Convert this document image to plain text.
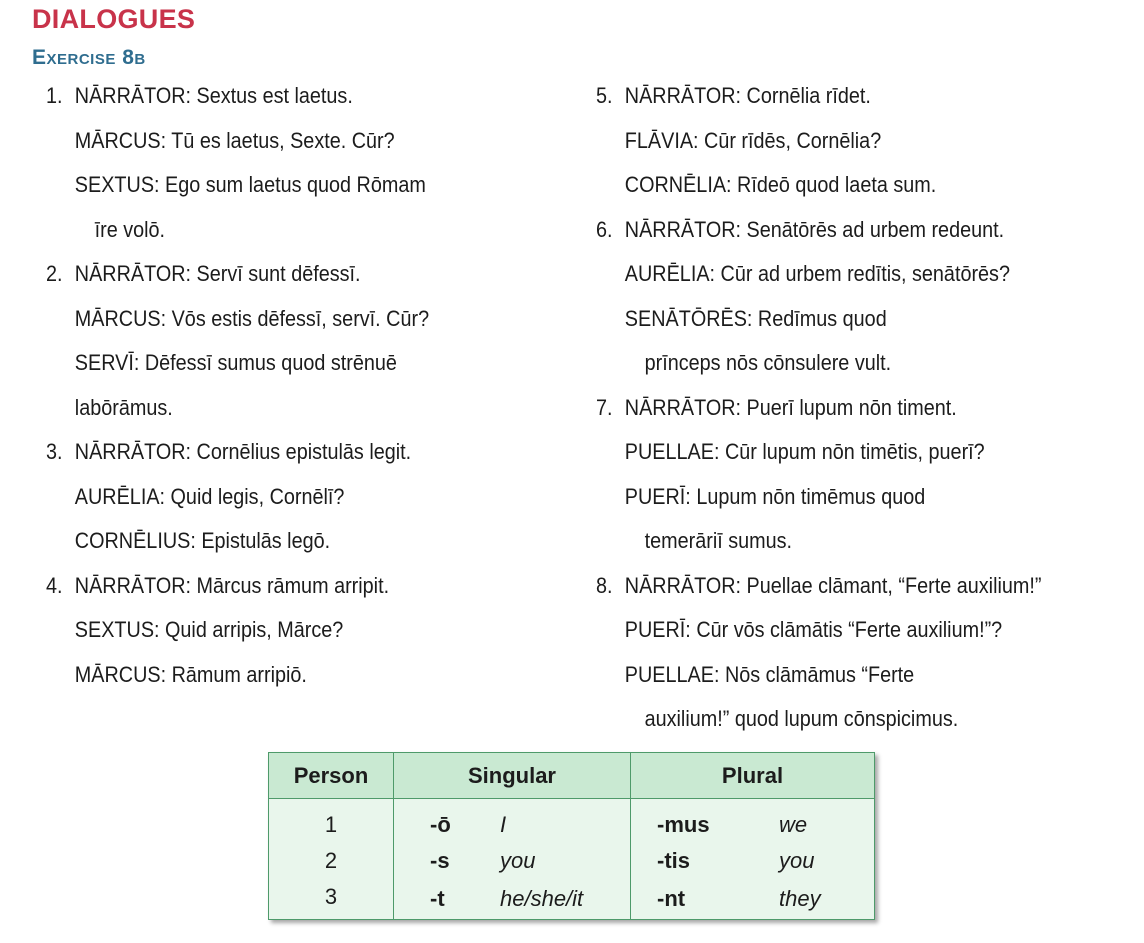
DIALOGUES
Exercise 8b
1. NĀRRĀTOR: Sextus est laetus.
MĀRCUS: Tū es laetus, Sexte. Cūr?
SEXTUS: Ego sum laetus quod Rōmam
īre volō.
2. NĀRRĀTOR: Servī sunt dēfessī.
MĀRCUS: Vōs estis dēfessī, servī. Cūr?
SERVĪ: Dēfessī sumus quod strēnuē
labōrāmus.
3. NĀRRĀTOR: Cornēlius epistulās legit.
AURĒLIA: Quid legis, Cornēlī?
CORNĒLIUS: Epistulās legō.
4. NĀRRĀTOR: Mārcus rāmum arripit.
SEXTUS: Quid arripis, Mārce?
MĀRCUS: Rāmum arripiō.
5. NĀRRĀTOR: Cornēlia rīdet.
FLĀVIA: Cūr rīdēs, Cornēlia?
CORNĒLIA: Rīdeō quod laeta sum.
6. NĀRRĀTOR: Senātōrēs ad urbem redeunt.
AURĒLIA: Cūr ad urbem redītis, senātōrēs?
SENĀTŌRĒS: Redīmus quod
prīnceps nōs cōnsulere vult.
7. NĀRRĀTOR: Puerī lupum nōn timent.
PUELLAE: Cūr lupum nōn timētis, puerī?
PUERĪ: Lupum nōn timēmus quod
temerāriī sumus.
8. NĀRRĀTOR: Puellae clāmant, “Ferte auxilium!”
PUERĪ: Cūr vōs clāmātis “Ferte auxilium!”?
PUELLAE: Nōs clāmāmus “Ferte
auxilium!” quod lupum cōnspicimus.
Person	Singular	Plural
1	-ō I	-mus we

2	-s you	-tis you

3	-t he/she/it	-nt they
